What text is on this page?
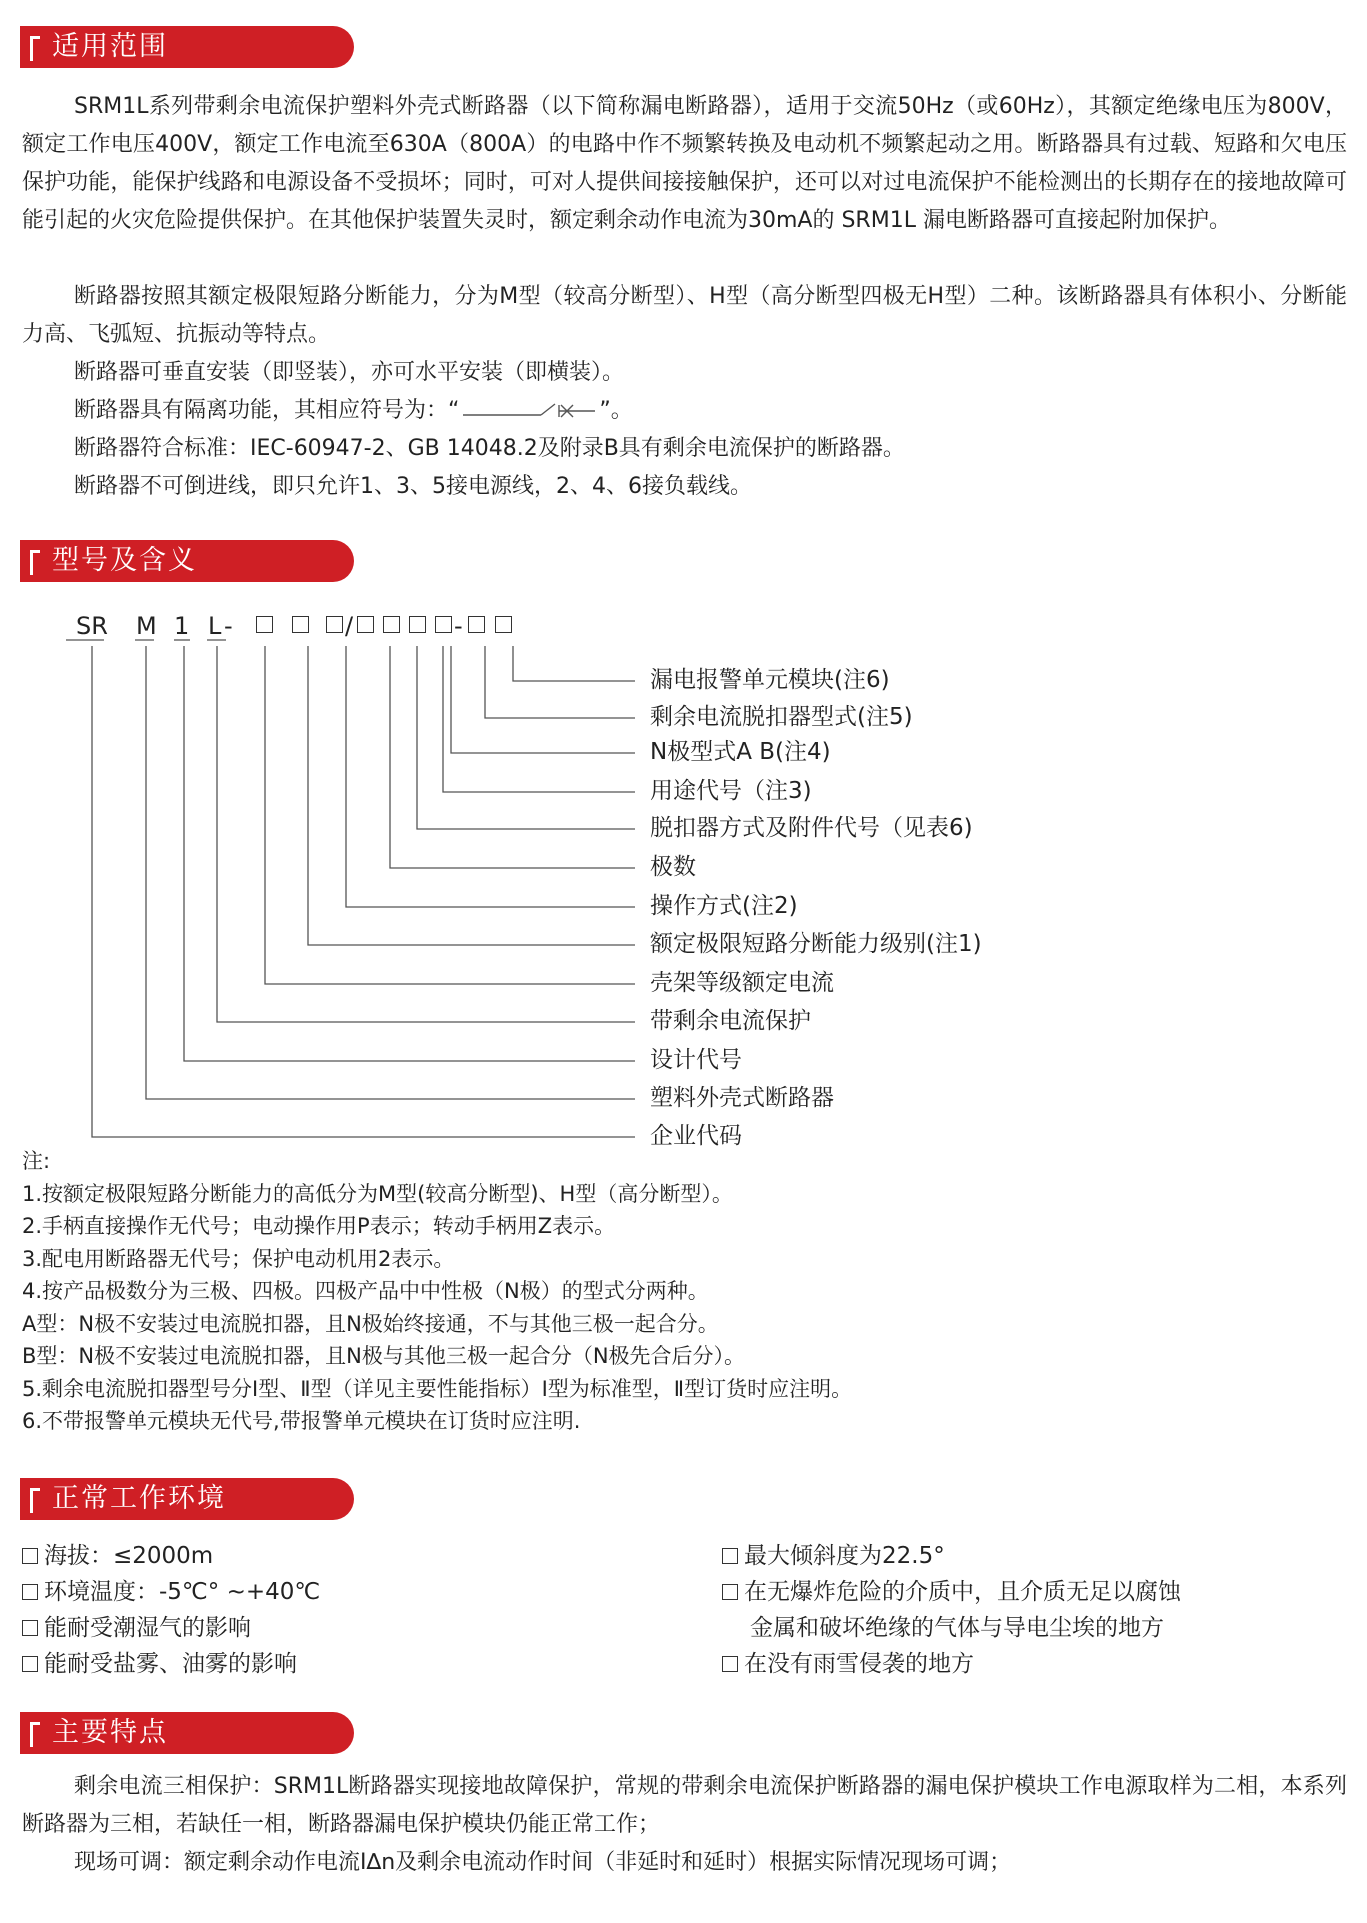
适用范围

SRM1L系列带剩余电流保护塑料外壳式断路器（以下简称漏电断路器），适用于交流50Hz（或60Hz），其额定绝缘电压为800V，额定工作电压400V，额定工作电流至630A（800A）的电路中作不频繁转换及电动机不频繁起动之用。断路器具有过载、短路和欠电压保护功能，能保护线路和电源设备不受损坏；同时，可对人提供间接接触保护，还可以对过电流保护不能检测出的长期存在的接地故障可能引起的火灾危险提供保护。在其他保护装置失灵时，额定剩余动作电流为30mA的 SRM1L 漏电断路器可直接起附加保护。

断路器按照其额定极限短路分断能力，分为M型（较高分断型）、H型（高分断型四极无H型）二种。该断路器具有体积小、分断能力高、飞弧短、抗振动等特点。

断路器可垂直安装（即竖装），亦可水平安装（即横装）。

断路器具有隔离功能，其相应符号为：“	”。

断路器符合标准：IEC-60947-2、GB 14048.2及附录B具有剩余电流保护的断路器。

断路器不可倒进线，即只允许1、3、5接电源线，2、4、6接负载线。

型号及含义
SR M 1 L -	/	-
漏电报警单元模块(注6)
剩余电流脱扣器型式(注5)
N极型式A B(注4)
用途代号（注3)
脱扣器方式及附件代号（见表6)
极数
操作方式(注2)
额定极限短路分断能力级别(注1)
壳架等级额定电流
带剩余电流保护
设计代号
塑料外壳式断路器
企业代码
注:
1.按额定极限短路分断能力的高低分为M型(较高分断型)、H型（高分断型）。
2.手柄直接操作无代号；电动操作用P表示；转动手柄用Z表示。
3.配电用断路器无代号；保护电动机用2表示。
4.按产品极数分为三极、四极。四极产品中中性极（N极）的型式分两种。
A型：N极不安装过电流脱扣器，且N极始终接通，不与其他三极一起合分。
B型：N极不安装过电流脱扣器，且N极与其他三极一起合分（N极先合后分）。
5.剩余电流脱扣器型号分Ⅰ型、Ⅱ型（详见主要性能指标）Ⅰ型为标准型，Ⅱ型订货时应注明。
6.不带报警单元模块无代号,带报警单元模块在订货时应注明.
正常工作环境
海拔：≤2000m
环境温度：-5℃° ~+40℃
能耐受潮湿气的影响
能耐受盐雾、油雾的影响
最大倾斜度为22.5°
在无爆炸危险的介质中，且介质无足以腐蚀
金属和破坏绝缘的气体与导电尘埃的地方
在没有雨雪侵袭的地方
主要特点

剩余电流三相保护：SRM1L断路器实现接地故障保护，常规的带剩余电流保护断路器的漏电保护模块工作电源取样为二相，本系列断路器为三相，若缺任一相，断路器漏电保护模块仍能正常工作；

现场可调：额定剩余动作电流I∆n及剩余电流动作时间（非延时和延时）根据实际情况现场可调；
